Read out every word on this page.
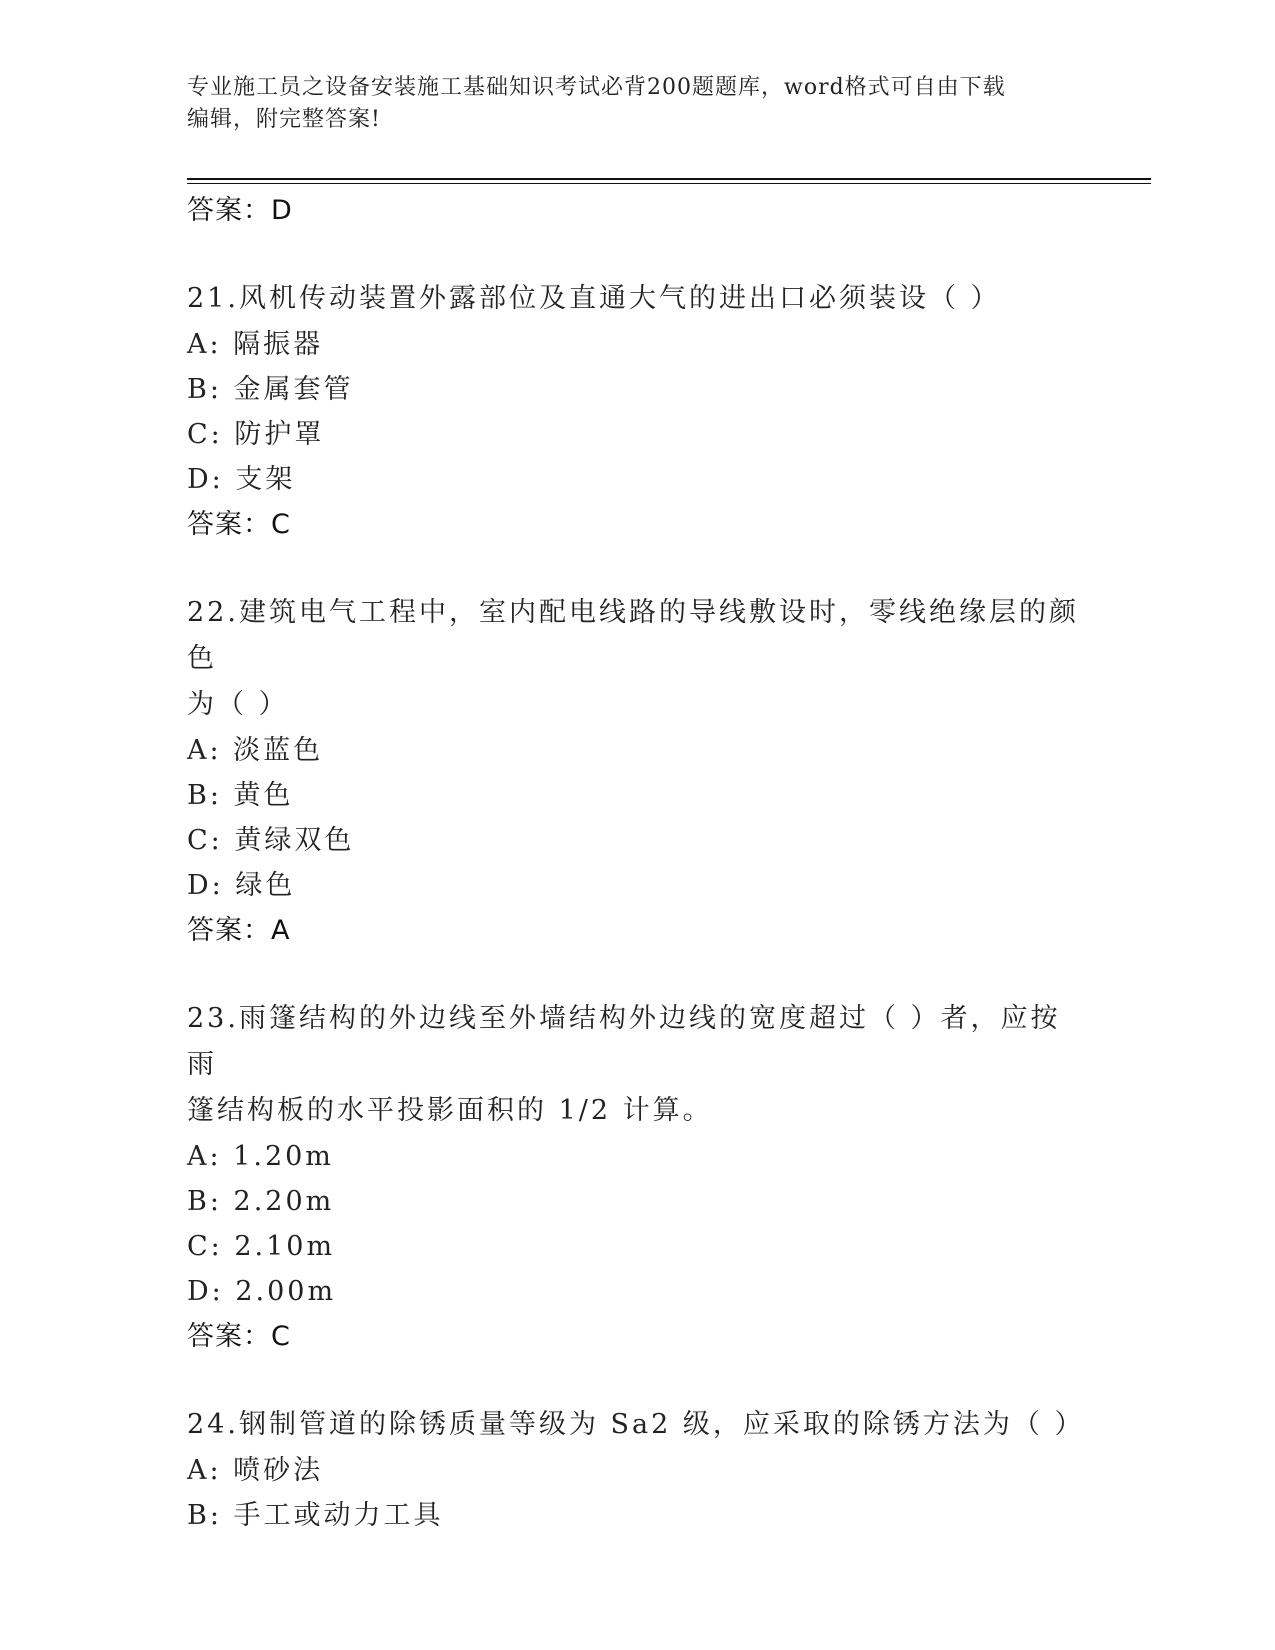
专业施工员之设备安装施工基础知识考试必背200题题库，word格式可自由下载
编辑，附完整答案!
答案：D
21.风机传动装置外露部位及直通大气的进出口必须装设（ ）
A: 隔振器
B: 金属套管
C: 防护罩
D: 支架
答案：C
22.建筑电气工程中，室内配电线路的导线敷设时，零线绝缘层的颜色
为（ ）
A: 淡蓝色
B: 黄色
C: 黄绿双色
D: 绿色
答案：A
23.雨篷结构的外边线至外墙结构外边线的宽度超过（ ）者，应按雨
篷结构板的水平投影面积的 1/2 计算。
A: 1.20m
B: 2.20m
C: 2.10m
D: 2.00m
答案：C
24.钢制管道的除锈质量等级为 Sa2 级，应采取的除锈方法为（ ）
A: 喷砂法
B: 手工或动力工具
